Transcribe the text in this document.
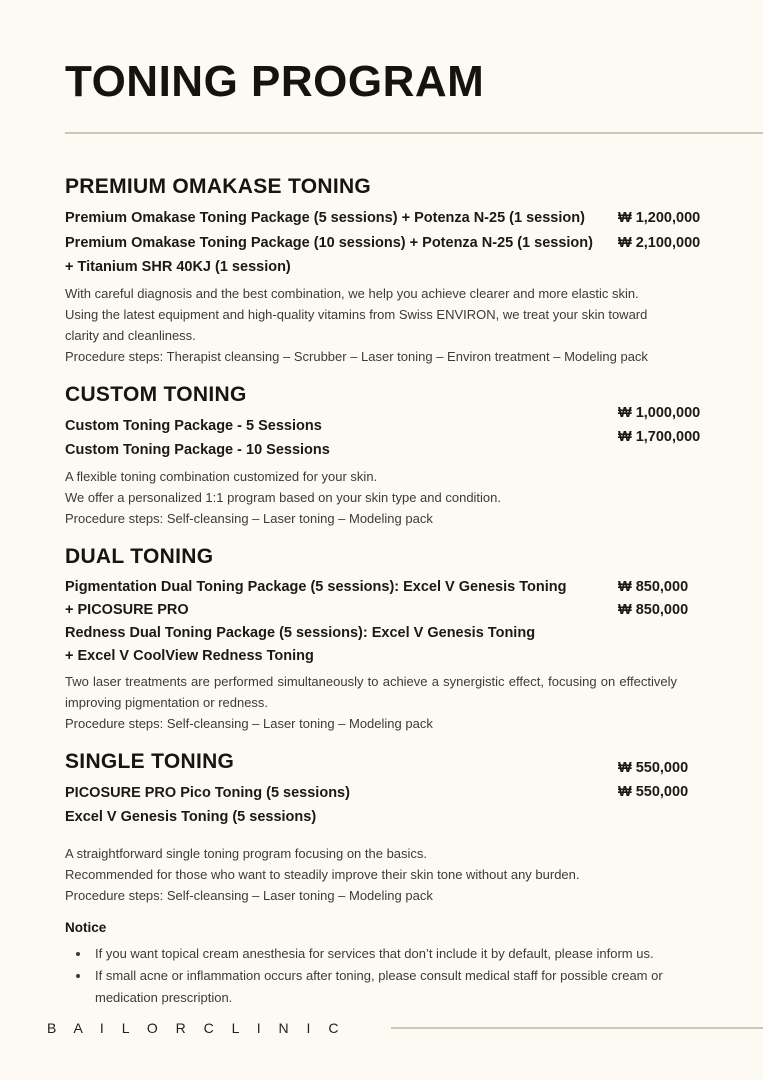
TONING PROGRAM
PREMIUM OMAKASE TONING

Premium Omakase Toning Package (5 sessions) + Potenza N-25 (1 session)

Premium Omakase Toning Package (10 sessions) + Potenza N-25 (1 session)

+ Titanium SHR 40KJ (1 session)

₩ 1,200,000

₩ 2,100,000

With careful diagnosis and the best combination, we help you achieve clearer and more elastic skin.

Using the latest equipment and high-quality vitamins from Swiss ENVIRON, we treat your skin toward clarity and cleanliness.

Procedure steps: Therapist cleansing – Scrubber – Laser toning – Environ treatment – Modeling pack

CUSTOM TONING

Custom Toning Package - 5 Sessions

Custom Toning Package - 10 Sessions

₩ 1,000,000

₩ 1,700,000

A flexible toning combination customized for your skin.

We offer a personalized 1:1 program based on your skin type and condition.

Procedure steps: Self-cleansing – Laser toning – Modeling pack

DUAL TONING

Pigmentation Dual Toning Package (5 sessions): Excel V Genesis Toning

+ PICOSURE PRO

Redness Dual Toning Package (5 sessions): Excel V Genesis Toning

+ Excel V CoolView Redness Toning

₩ 850,000

₩ 850,000

Two laser treatments are performed simultaneously to achieve a synergistic effect, focusing on effectively improving pigmentation or redness.

Procedure steps: Self-cleansing – Laser toning – Modeling pack

SINGLE TONING

PICOSURE PRO Pico Toning (5 sessions)

Excel V Genesis Toning (5 sessions)

₩ 550,000

₩ 550,000

A straightforward single toning program focusing on the basics.

Recommended for those who want to steadily improve their skin tone without any burden.

Procedure steps: Self-cleansing – Laser toning – Modeling pack

Notice

• If you want topical cream anesthesia for services that don’t include it by default, please inform us.
• If small acne or inflammation occurs after toning, please consult medical staff for possible cream or medication prescription.
B A I L O R C L I N I C
